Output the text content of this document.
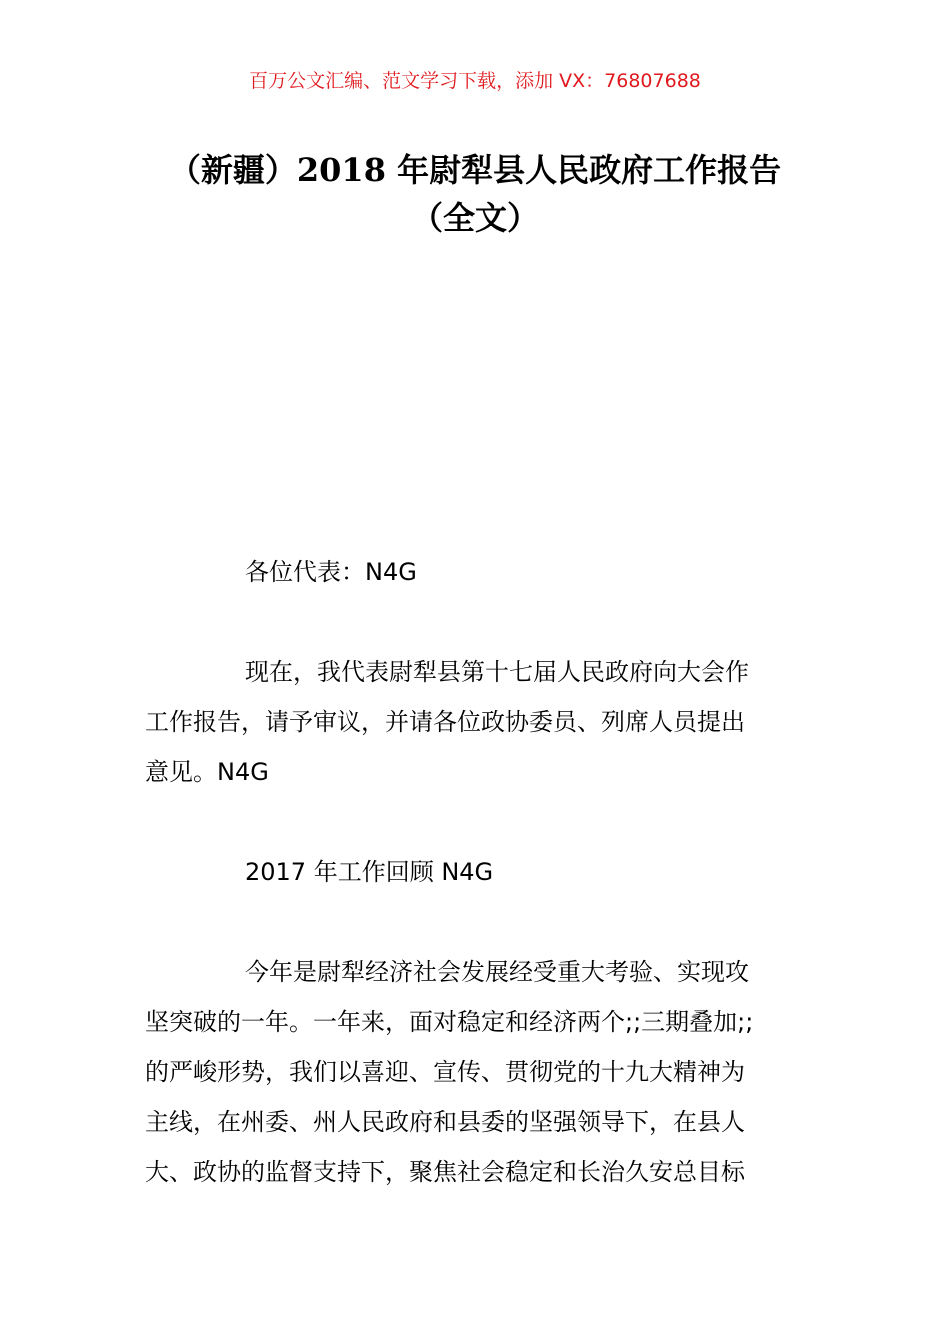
百万公文汇编、范文学习下载，添加 VX：76807688
（新疆）2018 年尉犁县人民政府工作报告
（全文）

各位代表：N4G

现在，我代表尉犁县第十七届人民政府向大会作
工作报告，请予审议，并请各位政协委员、列席人员提出
意见。N4G

2017 年工作回顾 N4G

今年是尉犁经济社会发展经受重大考验、实现攻
坚突破的一年。一年来，面对稳定和经济两个;;三期叠加;;
的严峻形势，我们以喜迎、宣传、贯彻党的十九大精神为
主线，在州委、州人民政府和县委的坚强领导下，在县人
大、政协的监督支持下，聚焦社会稳定和长治久安总目标
